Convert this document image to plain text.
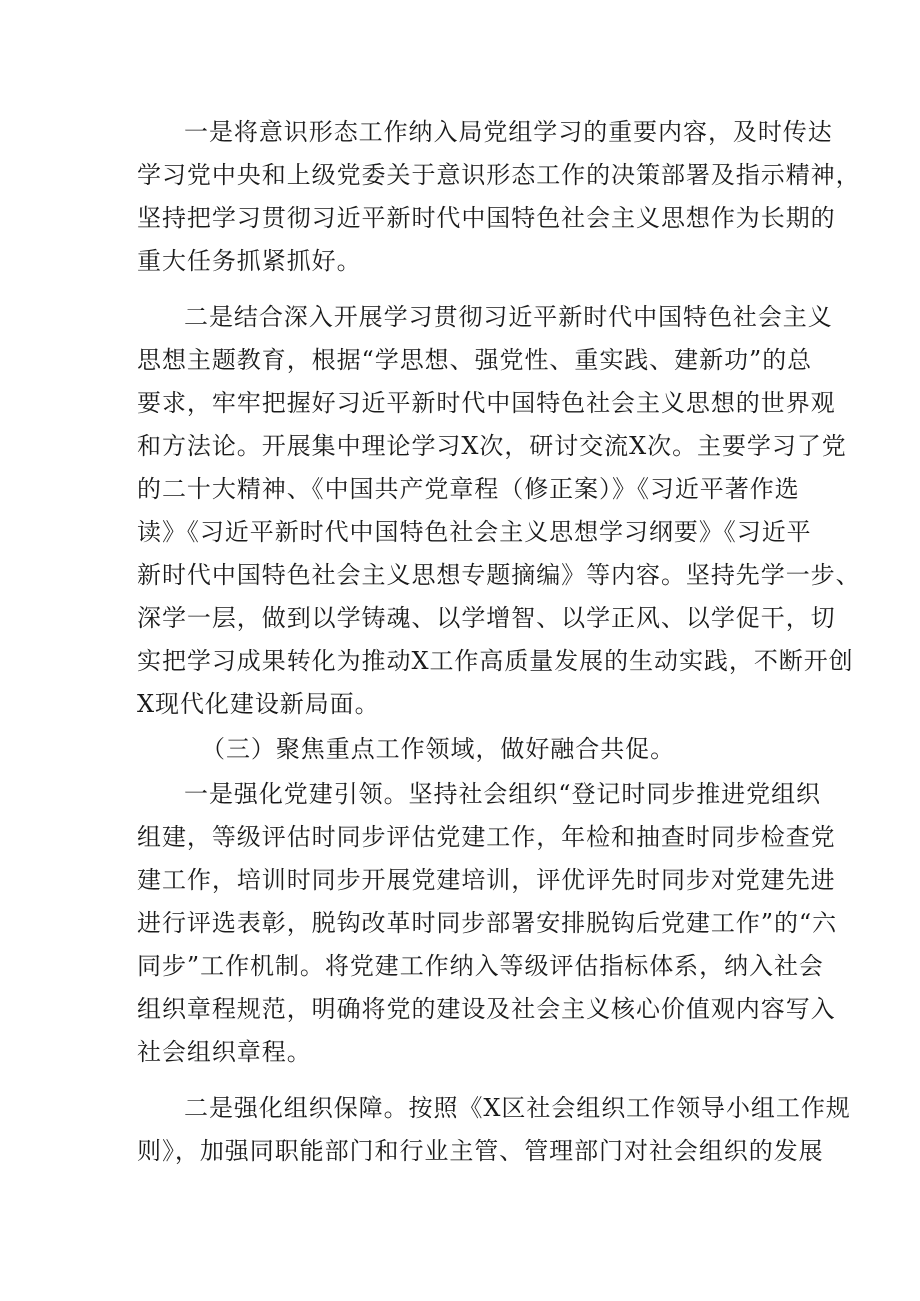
一是将意识形态工作纳入局党组学习的重要内容，及时传达
学习党中央和上级党委关于意识形态工作的决策部署及指示精神，
坚持把学习贯彻习近平新时代中国特色社会主义思想作为长期的
重大任务抓紧抓好。
二是结合深入开展学习贯彻习近平新时代中国特色社会主义
思想主题教育，根据“学思想、强党性、重实践、建新功”的总
要求，牢牢把握好习近平新时代中国特色社会主义思想的世界观
和方法论。开展集中理论学习X次，研讨交流X次。主要学习了党
的二十大精神、《中国共产党章程（修正案）》《习近平著作选
读》《习近平新时代中国特色社会主义思想学习纲要》《习近平
新时代中国特色社会主义思想专题摘编》等内容。坚持先学一步、
深学一层，做到以学铸魂、以学增智、以学正风、以学促干，切
实把学习成果转化为推动X工作高质量发展的生动实践，不断开创
X现代化建设新局面。
（三）聚焦重点工作领域，做好融合共促。
一是强化党建引领。坚持社会组织“登记时同步推进党组织
组建，等级评估时同步评估党建工作，年检和抽查时同步检查党
建工作，培训时同步开展党建培训，评优评先时同步对党建先进
进行评选表彰，脱钩改革时同步部署安排脱钩后党建工作”的“六
同步”工作机制。将党建工作纳入等级评估指标体系，纳入社会
组织章程规范，明确将党的建设及社会主义核心价值观内容写入
社会组织章程。
二是强化组织保障。按照《X区社会组织工作领导小组工作规
则》，加强同职能部门和行业主管、管理部门对社会组织的发展
